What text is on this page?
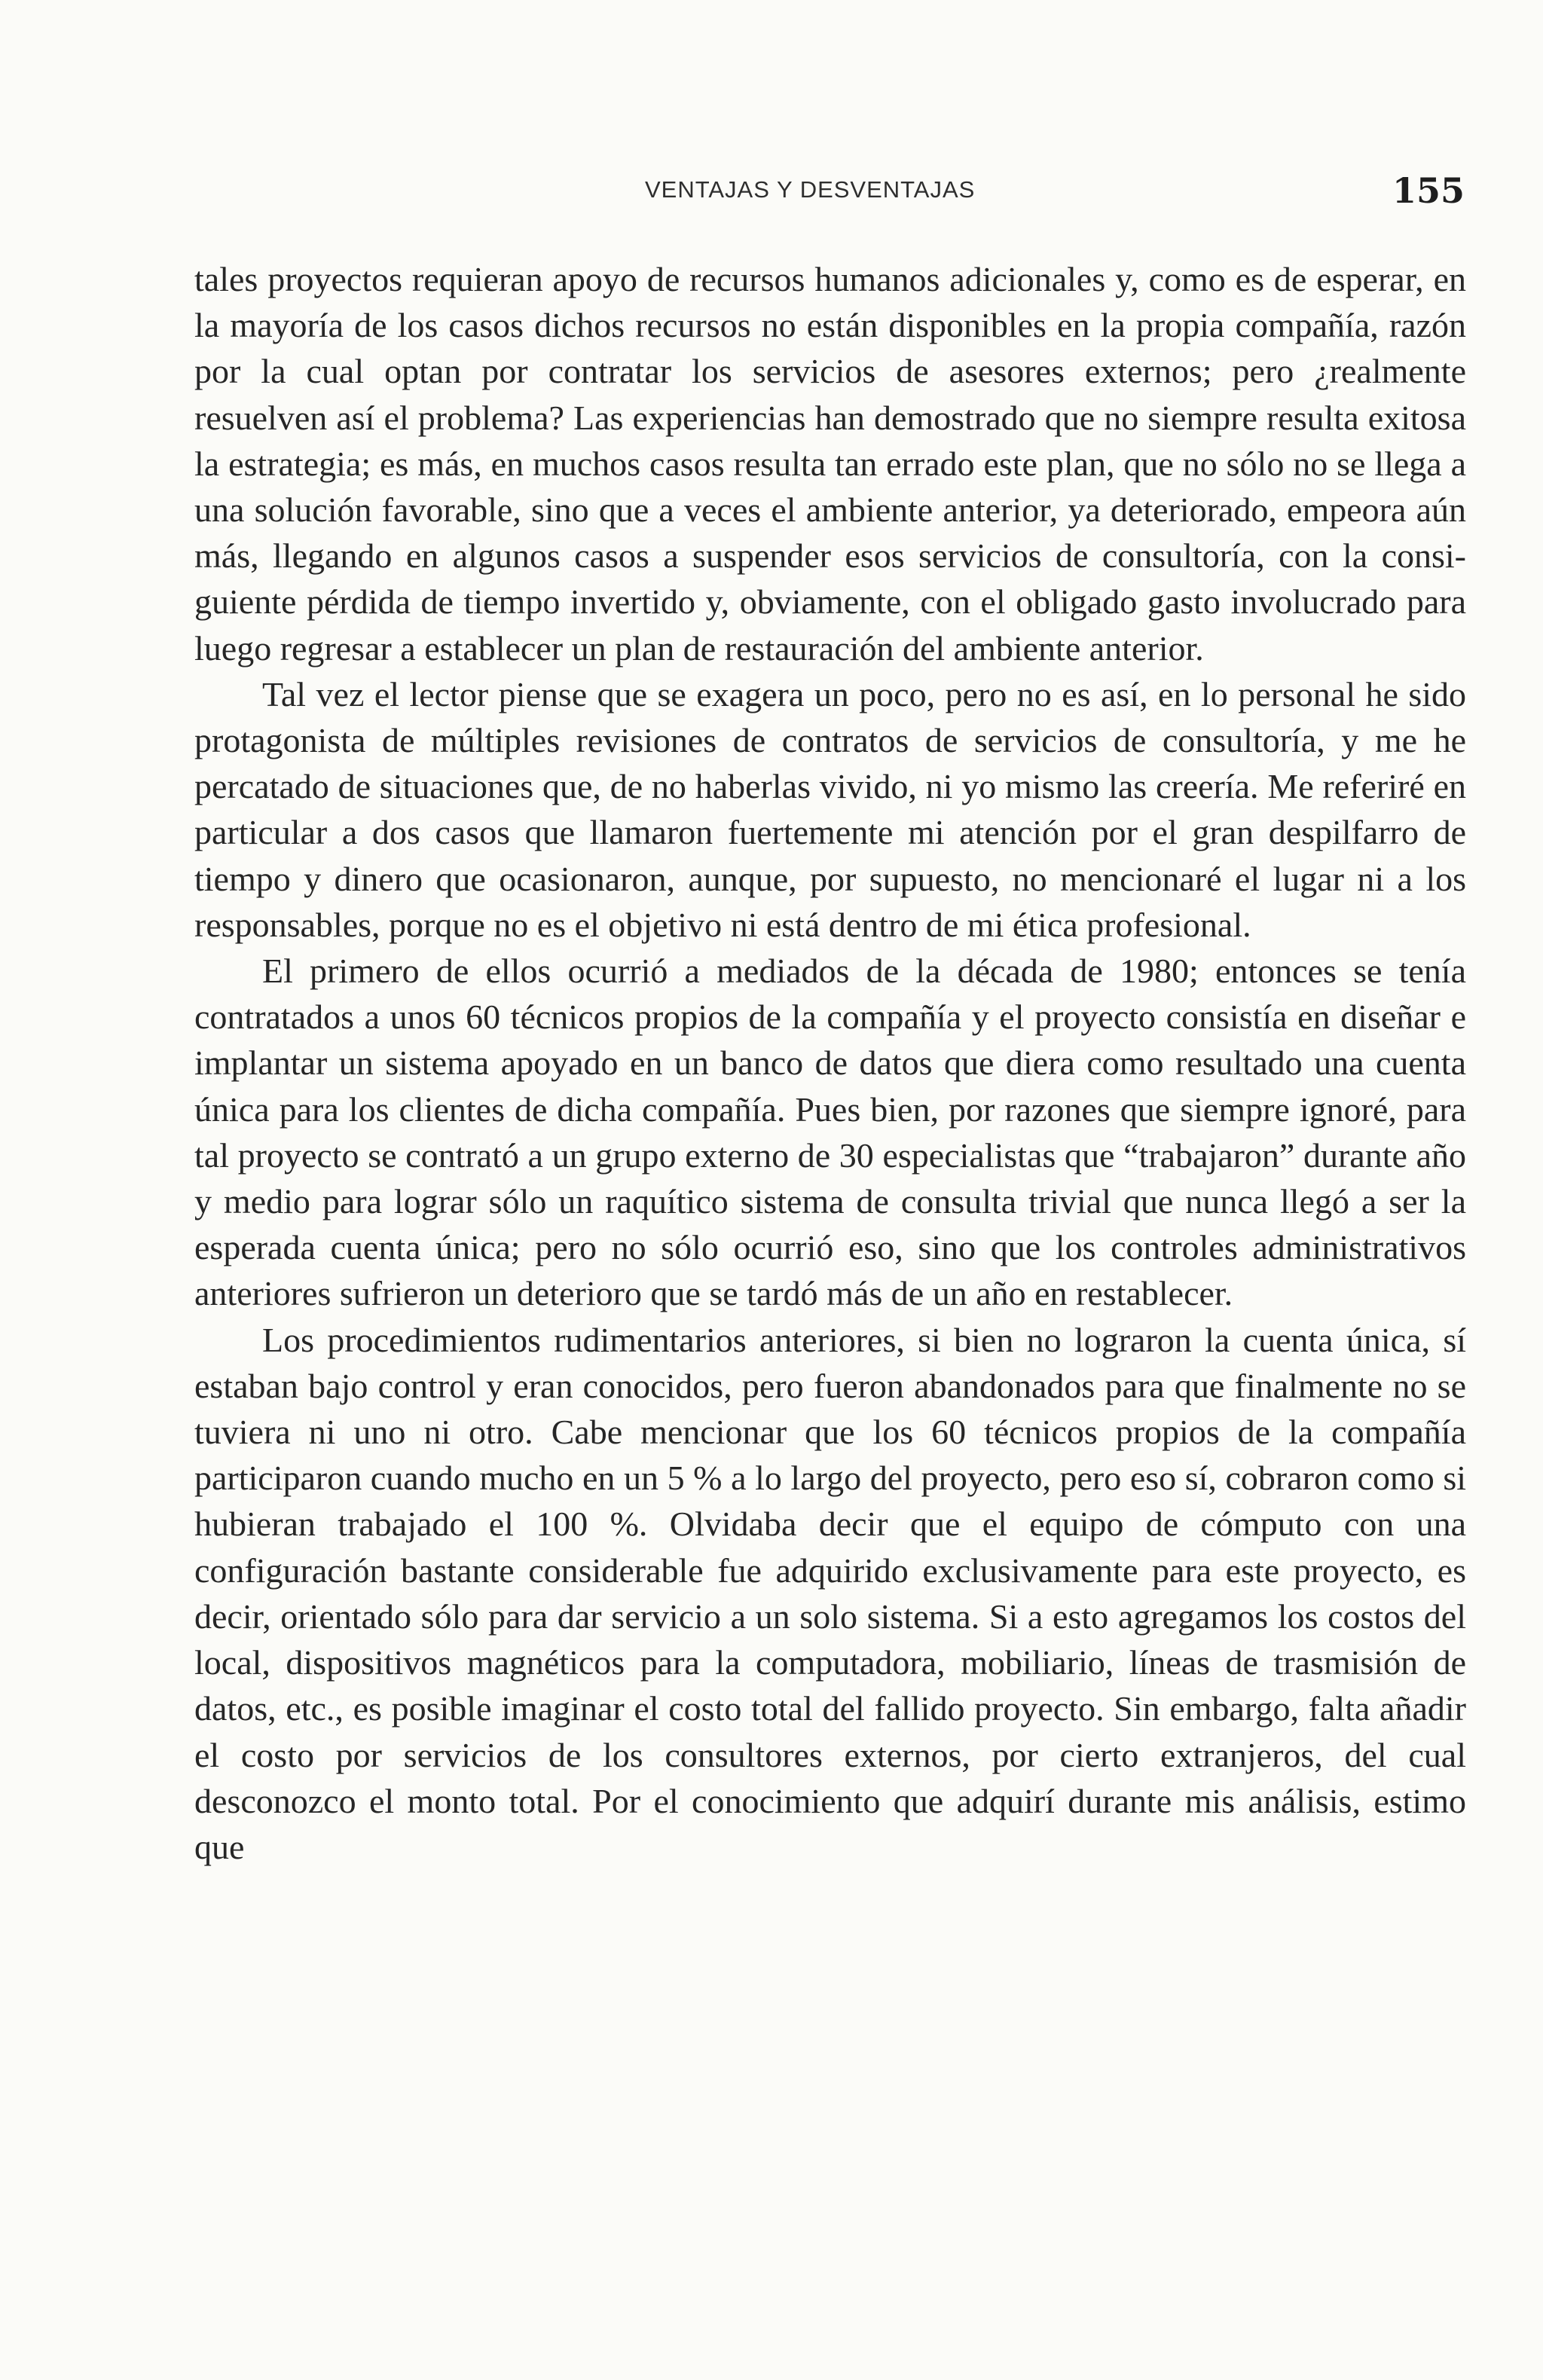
VENTAJAS Y DESVENTAJAS	155

tales proyectos requieran apoyo de recursos humanos adicionales y, como es de esperar, en la mayoría de los casos dichos recursos no están disponibles en la propia compañía, razón por la cual optan por contratar los servicios de asesores externos; pero ¿realmente resuelven así el problema? Las experiencias han demostrado que no siempre resulta exitosa la estrategia; es más, en muchos casos resulta tan errado este plan, que no sólo no se llega a una solución favorable, sino que a veces el ambiente anterior, ya deteriorado, empeora aún más, llegando en algunos casos a suspender esos servicios de consultoría, con la consiguiente pérdida de tiempo invertido y, obviamente, con el obligado gasto involucrado para luego regresar a establecer un plan de restauración del ambiente anterior.

Tal vez el lector piense que se exagera un poco, pero no es así, en lo personal he sido protagonista de múltiples revisiones de contratos de servicios de consultoría, y me he percatado de situaciones que, de no haberlas vivido, ni yo mismo las creería. Me referiré en particular a dos casos que llamaron fuertemente mi atención por el gran despilfarro de tiempo y dinero que ocasionaron, aunque, por supuesto, no mencionaré el lugar ni a los responsables, porque no es el objetivo ni está dentro de mi ética profesional.

El primero de ellos ocurrió a mediados de la década de 1980; entonces se tenía contratados a unos 60 técnicos propios de la compañía y el proyecto consistía en diseñar e implantar un sistema apoyado en un banco de datos que diera como resultado una cuenta única para los clientes de dicha compañía. Pues bien, por razones que siempre ignoré, para tal proyecto se contrató a un grupo externo de 30 especialistas que “trabajaron” durante año y medio para lograr sólo un raquítico sistema de consulta trivial que nunca llegó a ser la esperada cuenta única; pero no sólo ocurrió eso, sino que los controles administrativos anteriores sufrieron un deterioro que se tardó más de un año en restablecer.

Los procedimientos rudimentarios anteriores, si bien no lograron la cuenta única, sí estaban bajo control y eran conocidos, pero fueron abandonados para que finalmente no se tuviera ni uno ni otro. Cabe mencionar que los 60 técnicos propios de la compañía participaron cuando mucho en un 5 % a lo largo del proyecto, pero eso sí, cobraron como si hubieran trabajado el 100 %. Olvidaba decir que el equipo de cómputo con una configuración bastante considerable fue adquirido exclusivamente para este proyecto, es decir, orientado sólo para dar servicio a un solo sistema. Si a esto agregamos los costos del local, dispositivos magnéticos para la computadora, mobiliario, líneas de trasmisión de datos, etc., es posible imaginar el costo total del fallido proyecto. Sin embargo, falta añadir el costo por servicios de los consultores externos, por cierto extranjeros, del cual desconozco el monto total. Por el conocimiento que adquirí durante mis análisis, estimo que
